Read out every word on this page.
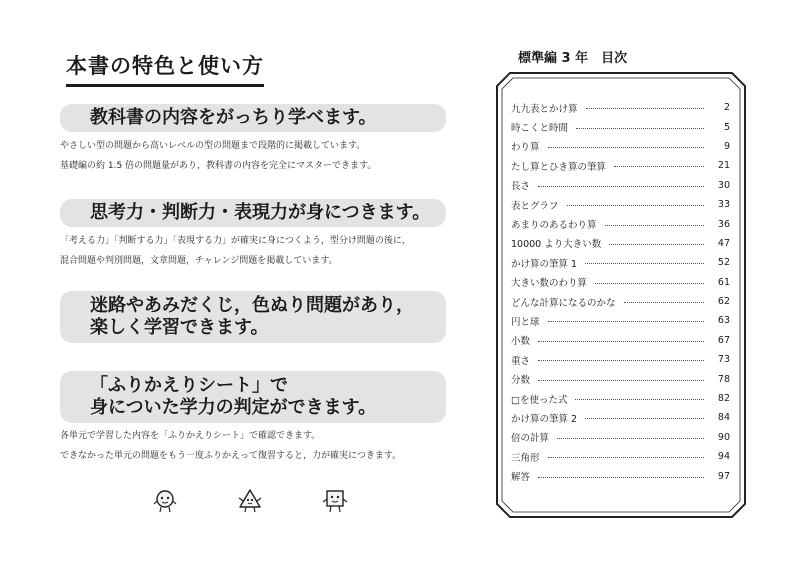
本書の特色と使い方
教科書の内容をがっちり学べます。
やさしい型の問題から高いレベルの型の問題まで段階的に掲載しています。
基礎編の約 1.5 倍の問題量があり，教科書の内容を完全にマスターできます。
思考力・判断力・表現力が身につきます。
「考える力」「判断する力」「表現する力」が確実に身につくよう，型分け問題の後に，
混合問題や判別問題，文章問題，チャレンジ問題を掲載しています。
迷路やあみだくじ，色ぬり問題があり，
楽しく学習できます。
「ふりかえりシート」で
身についた学力の判定ができます。
各単元で学習した内容を「ふりかえりシート」で確認できます。
できなかった単元の問題をもう一度ふりかえって復習すると，力が確実につきます。
標準編 3 年　目次
九九表とかけ算	2
時こくと時間	5
わり算	9
たし算とひき算の筆算	21
長さ	30
表とグラフ	33
あまりのあるわり算	36
10000 より大きい数	47
かけ算の筆算 1	52
大きい数のわり算	61
どんな計算になるのかな	62
円と球	63
小数	67
重さ	73
分数	78
□を使った式	82
かけ算の筆算 2	84
倍の計算	90
三角形	94
解答	97
